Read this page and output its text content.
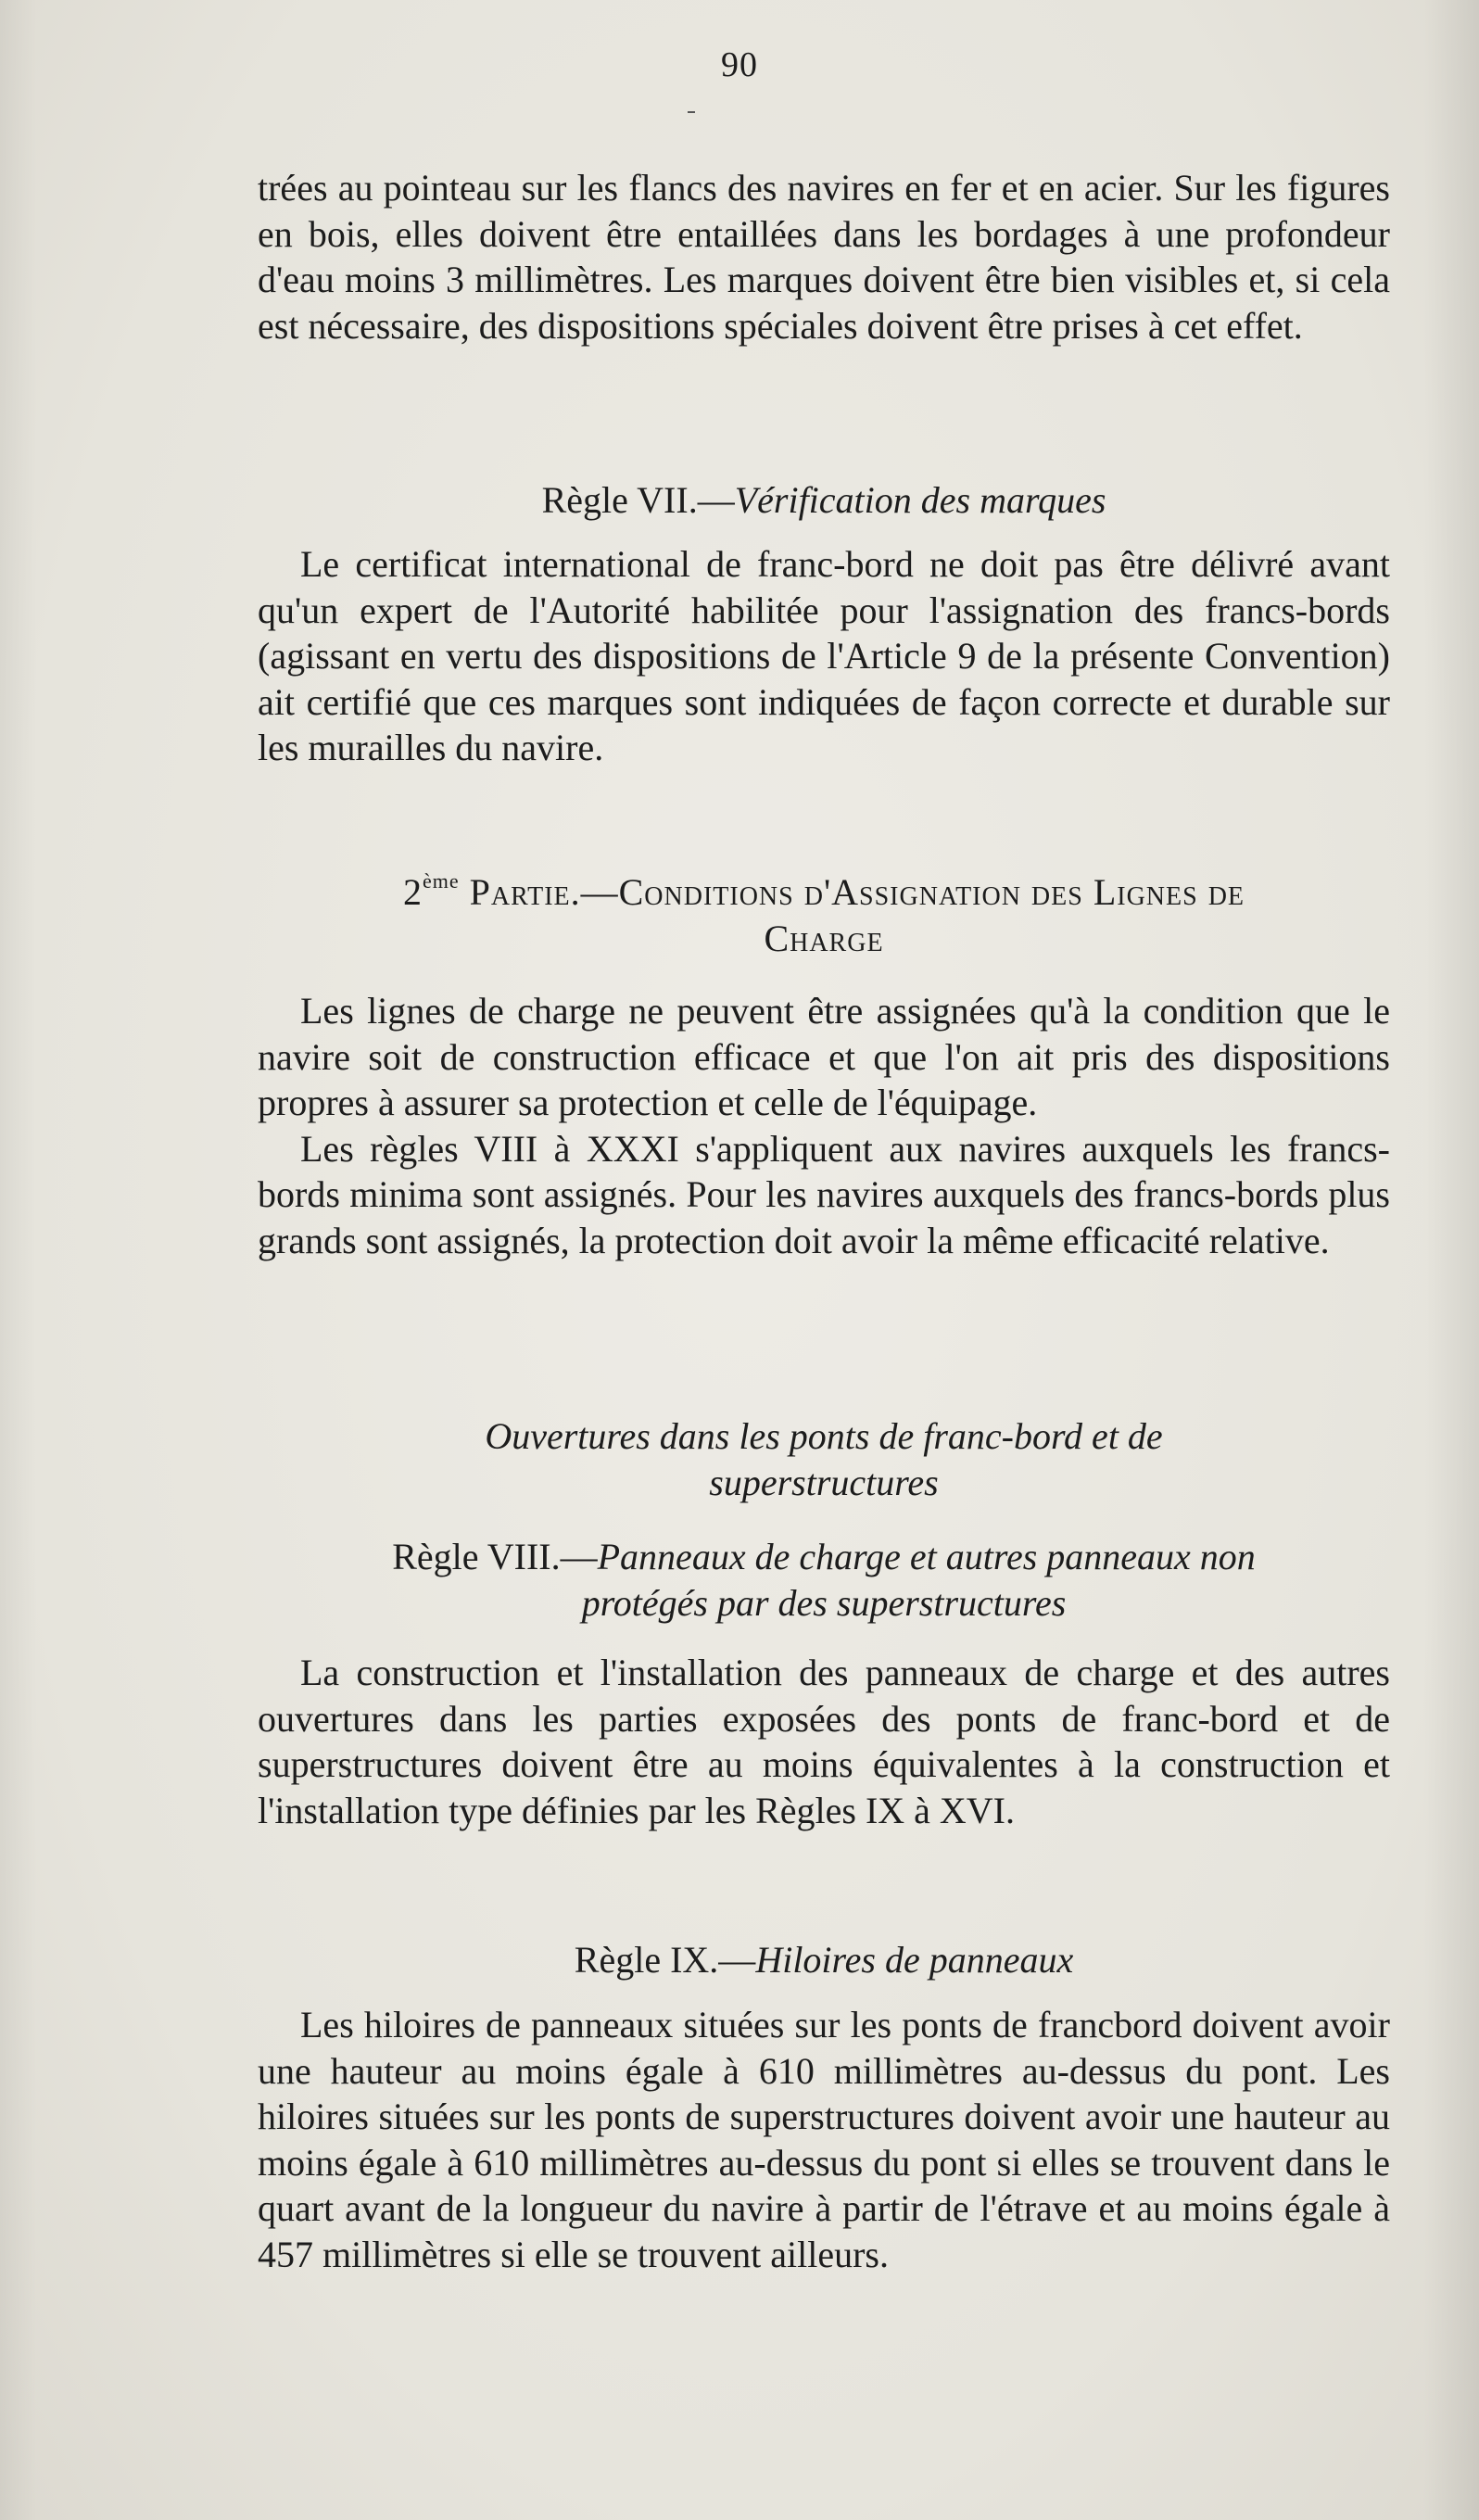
90

trées au pointeau sur les flancs des navires en fer et en acier. Sur les figures en bois, elles doivent être entaillées dans les bordages à une profondeur d'eau moins 3 millimètres. Les marques doivent être bien visibles et, si cela est nécessaire, des dispositions spéciales doivent être prises à cet effet.

Règle VII.—Vérification des marques

Le certificat international de franc-bord ne doit pas être délivré avant qu'un expert de l'Autorité habilitée pour l'assignation des francs-bords (agissant en vertu des dispositions de l'Article 9 de la présente Convention) ait certifié que ces marques sont indiquées de façon correcte et durable sur les murailles du navire.

2ème Partie.—Conditions d'Assignation des Lignes de
Charge

Les lignes de charge ne peuvent être assignées qu'à la condition que le navire soit de construction efficace et que l'on ait pris des dispositions propres à assurer sa protection et celle de l'équipage.

Les règles VIII à XXXI s'appliquent aux navires auxquels les francs-bords minima sont assignés. Pour les navires auxquels des francs-bords plus grands sont assignés, la protection doit avoir la même efficacité relative.

Ouvertures dans les ponts de franc-bord et de
superstructures
Règle VIII.—Panneaux de charge et autres panneaux non
protégés par des superstructures

La construction et l'installation des panneaux de charge et des autres ouvertures dans les parties exposées des ponts de franc-bord et de superstructures doivent être au moins équivalentes à la construction et l'installation type définies par les Règles IX à XVI.

Règle IX.—Hiloires de panneaux

Les hiloires de panneaux situées sur les ponts de francbord doivent avoir une hauteur au moins égale à 610 millimètres au-dessus du pont. Les hiloires situées sur les ponts de superstructures doivent avoir une hauteur au moins égale à 610 millimètres au-dessus du pont si elles se trouvent dans le quart avant de la longueur du navire à partir de l'étrave et au moins égale à 457 millimètres si elle se trouvent ailleurs.
